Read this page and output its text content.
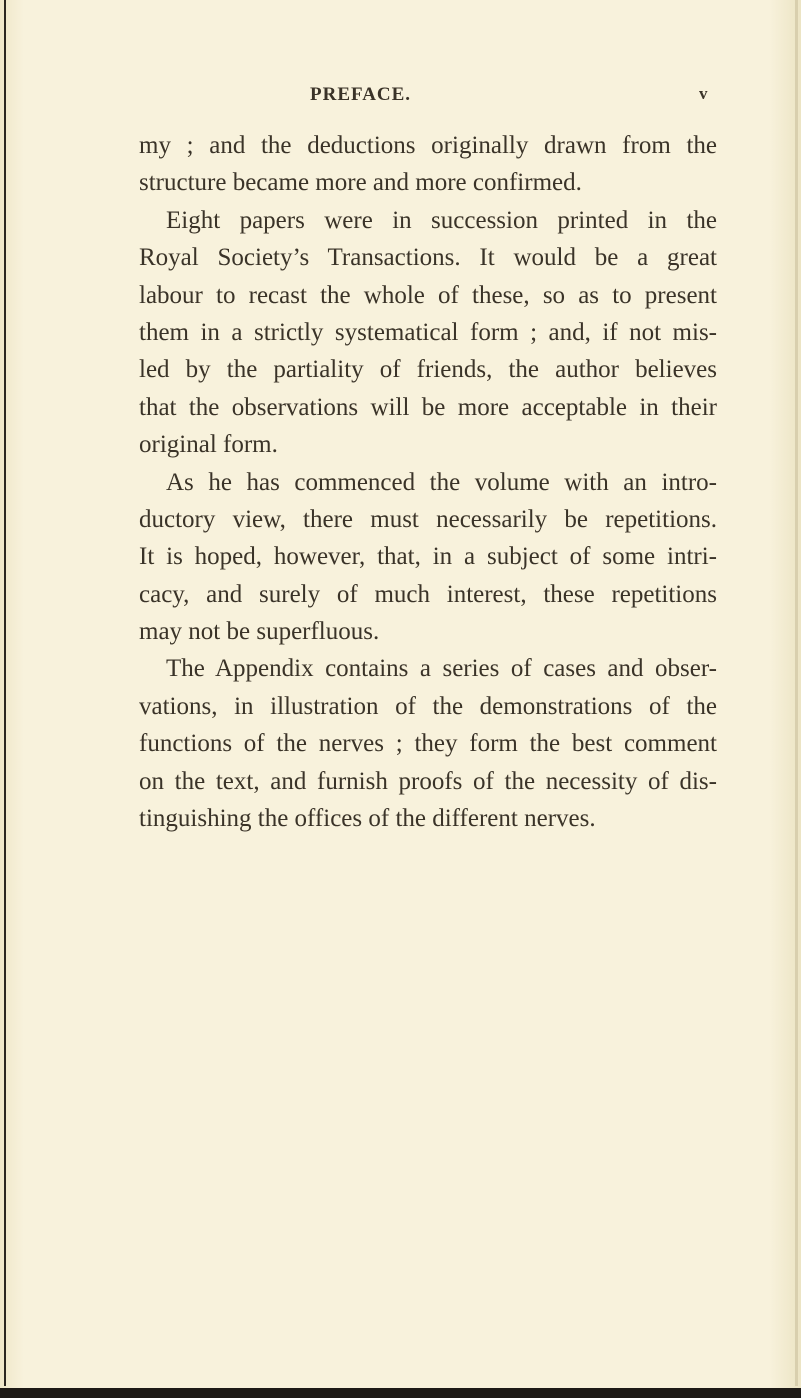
PREFACE.	v
my ; and the deductions originally drawn from the
structure became more and more confirmed.
Eight papers were in succession printed in the
Royal Society’s Transactions. It would be a great
labour to recast the whole of these, so as to present
them in a strictly systematical form ; and, if not mis-
led by the partiality of friends, the author believes
that the observations will be more acceptable in their
original form.
As he has commenced the volume with an intro-
ductory view, there must necessarily be repetitions.
It is hoped, however, that, in a subject of some intri-
cacy, and surely of much interest, these repetitions
may not be superfluous.
The Appendix contains a series of cases and obser-
vations, in illustration of the demonstrations of the
functions of the nerves ; they form the best comment
on the text, and furnish proofs of the necessity of dis-
tinguishing the offices of the different nerves.
